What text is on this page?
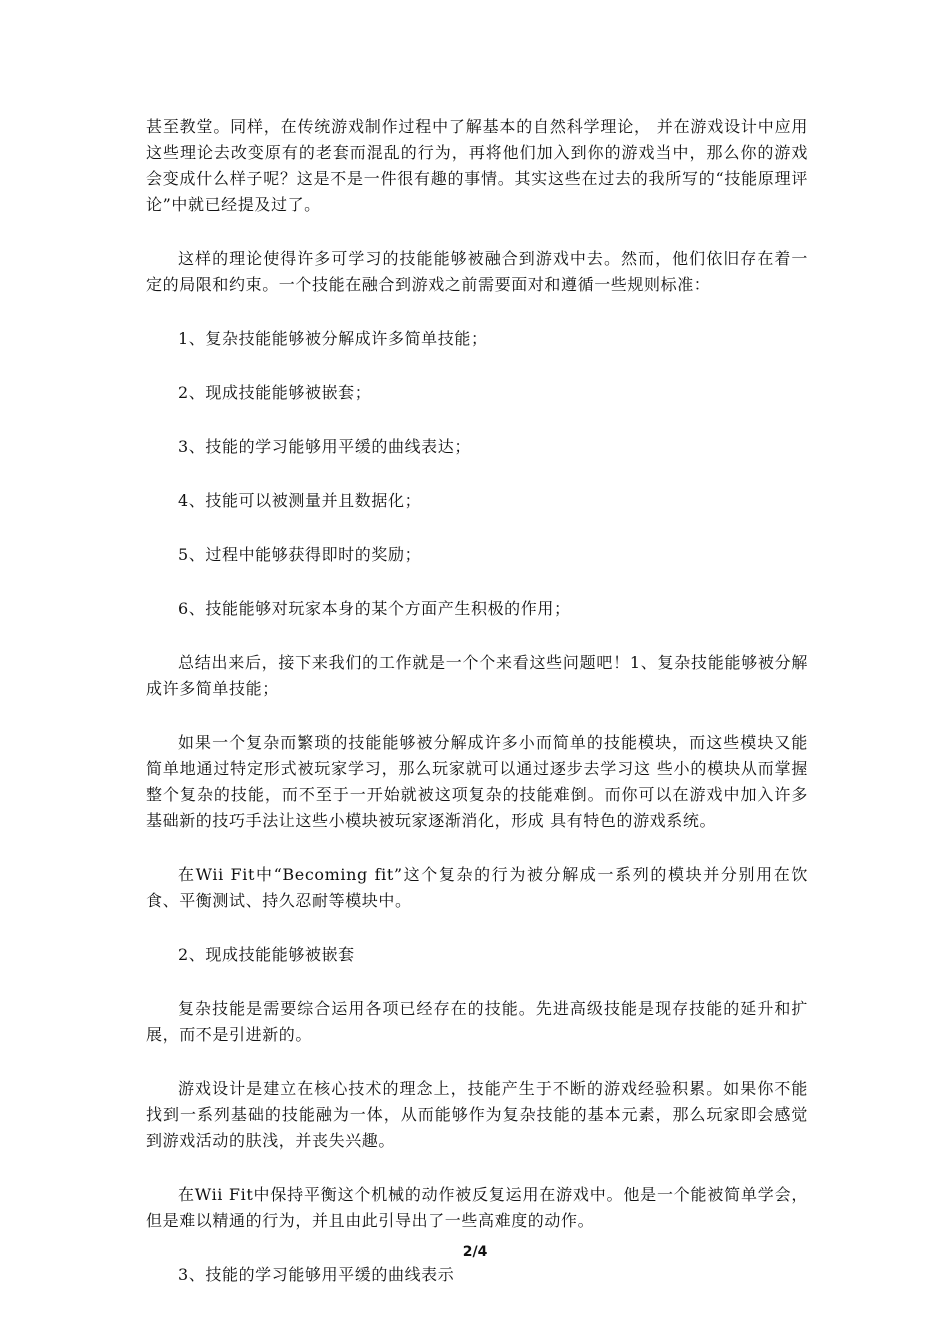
甚至教堂。同样，在传统游戏制作过程中了解基本的自然科学理论， 并在游戏设计中应用这些理论去改变原有的老套而混乱的行为，再将他们加入到你的游戏当中，那么你的游戏会变成什么样子呢？这是不是一件很有趣的事情。其实这些在过去的我所写的“技能原理评论”中就已经提及过了。

这样的理论使得许多可学习的技能能够被融合到游戏中去。然而，他们依旧存在着一定的局限和约束。一个技能在融合到游戏之前需要面对和遵循一些规则标准：

1、复杂技能能够被分解成许多简单技能；

2、现成技能能够被嵌套；

3、技能的学习能够用平缓的曲线表达；

4、技能可以被测量并且数据化；

5、过程中能够获得即时的奖励；

6、技能能够对玩家本身的某个方面产生积极的作用；

总结出来后，接下来我们的工作就是一个个来看这些问题吧！1、复杂技能能够被分解成许多简单技能；

如果一个复杂而繁琐的技能能够被分解成许多小而简单的技能模块，而这些模块又能简单地通过特定形式被玩家学习，那么玩家就可以通过逐步去学习这 些小的模块从而掌握整个复杂的技能，而不至于一开始就被这项复杂的技能难倒。而你可以在游戏中加入许多基础新的技巧手法让这些小模块被玩家逐渐消化，形成 具有特色的游戏系统。

在Wii Fit中“Becoming fit”这个复杂的行为被分解成一系列的模块并分别用在饮食、平衡测试、持久忍耐等模块中。

2、现成技能能够被嵌套

复杂技能是需要综合运用各项已经存在的技能。先进高级技能是现存技能的延升和扩展，而不是引进新的。

游戏设计是建立在核心技术的理念上，技能产生于不断的游戏经验积累。如果你不能找到一系列基础的技能融为一体，从而能够作为复杂技能的基本元素，那么玩家即会感觉到游戏活动的肤浅，并丧失兴趣。

在Wii Fit中保持平衡这个机械的动作被反复运用在游戏中。他是一个能被简单学会，但是难以精通的行为，并且由此引导出了一些高难度的动作。

3、技能的学习能够用平缓的曲线表示

2/4
